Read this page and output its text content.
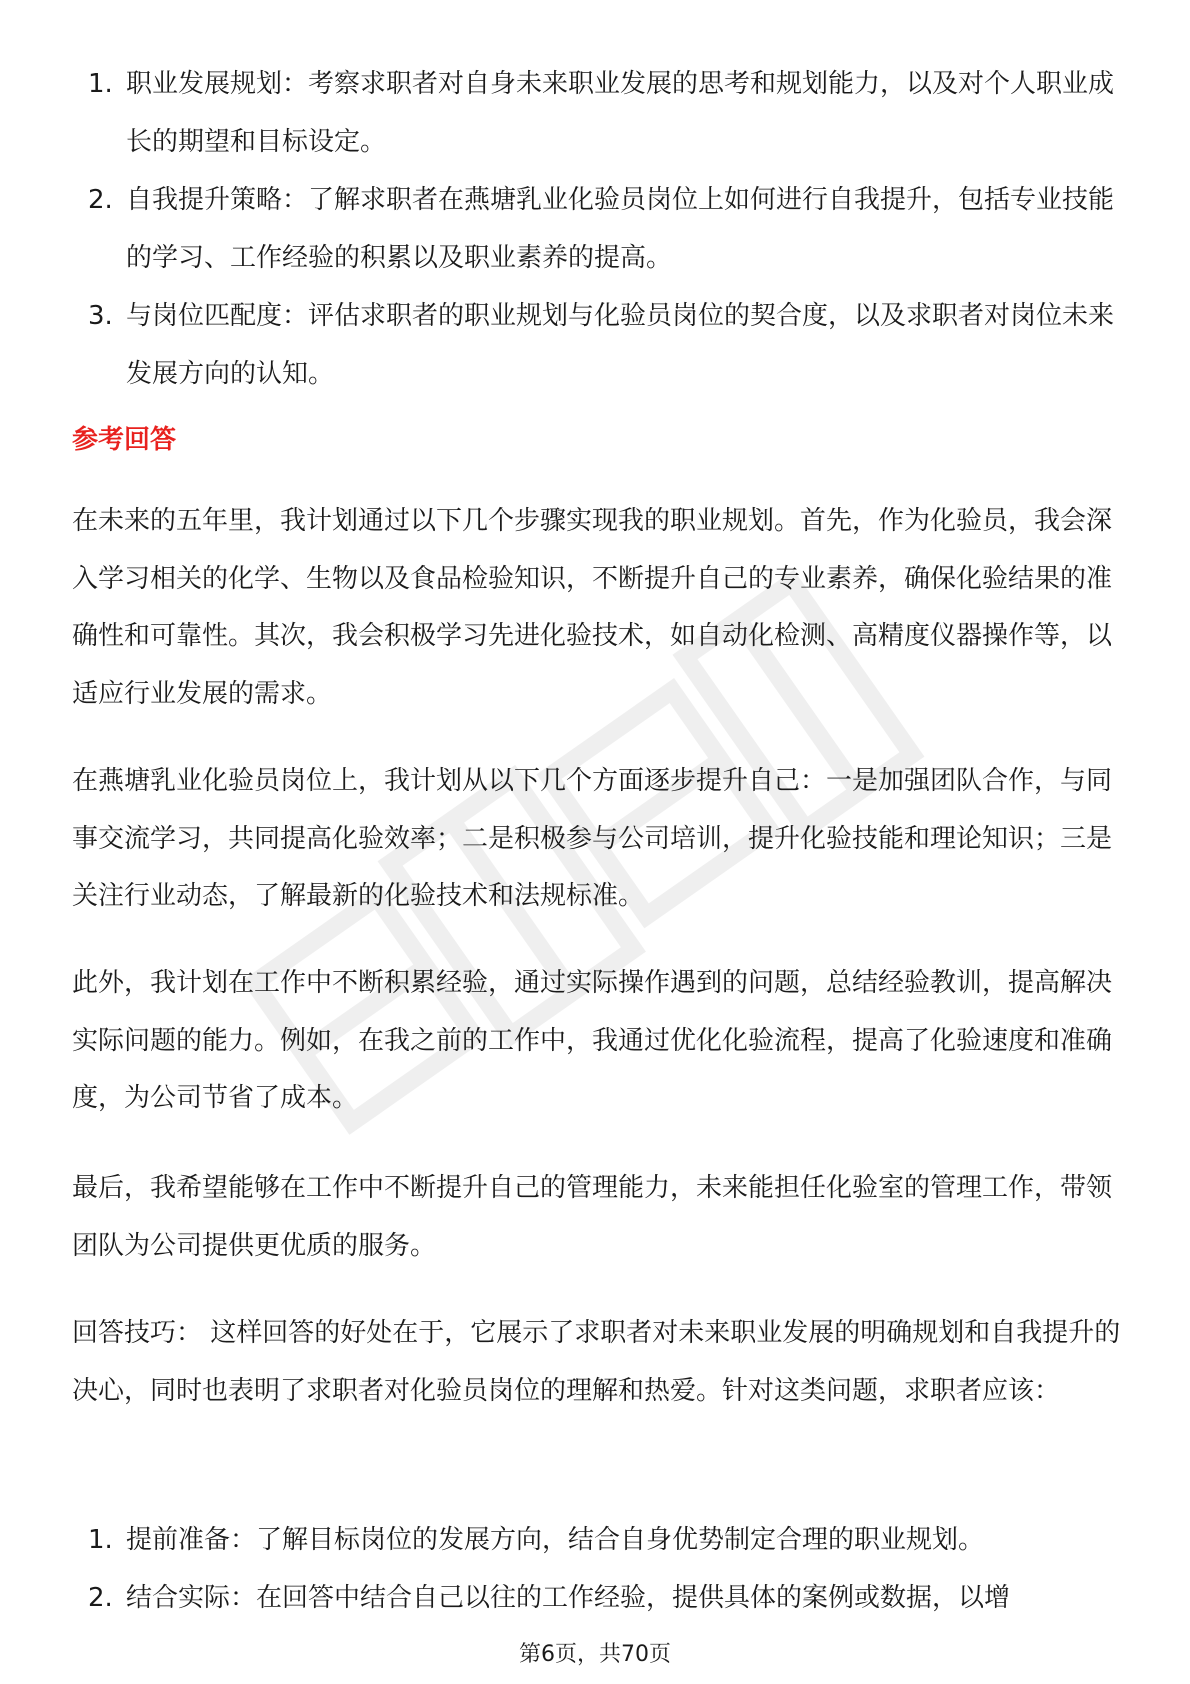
1. 职业发展规划：考察求职者对自身未来职业发展的思考和规划能力，以及对个人职业成长的期望和目标设定。
2. 自我提升策略：了解求职者在燕塘乳业化验员岗位上如何进行自我提升，包括专业技能的学习、工作经验的积累以及职业素养的提高。
3. 与岗位匹配度：评估求职者的职业规划与化验员岗位的契合度，以及求职者对岗位未来发展方向的认知。
参考回答

在未来的五年里，我计划通过以下几个步骤实现我的职业规划。首先，作为化验员，我会深入学习相关的化学、生物以及食品检验知识，不断提升自己的专业素养，确保化验结果的准确性和可靠性。其次，我会积极学习先进化验技术，如自动化检测、高精度仪器操作等，以适应行业发展的需求。

在燕塘乳业化验员岗位上，我计划从以下几个方面逐步提升自己：一是加强团队合作，与同事交流学习，共同提高化验效率；二是积极参与公司培训，提升化验技能和理论知识；三是关注行业动态，了解最新的化验技术和法规标准。

此外，我计划在工作中不断积累经验，通过实际操作遇到的问题，总结经验教训，提高解决实际问题的能力。例如，在我之前的工作中，我通过优化化验流程，提高了化验速度和准确度，为公司节省了成本。

最后，我希望能够在工作中不断提升自己的管理能力，未来能担任化验室的管理工作，带领团队为公司提供更优质的服务。

回答技巧： 这样回答的好处在于，它展示了求职者对未来职业发展的明确规划和自我提升的决心，同时也表明了求职者对化验员岗位的理解和热爱。针对这类问题，求职者应该：

1. 提前准备：了解目标岗位的发展方向，结合自身优势制定合理的职业规划。
2. 结合实际：在回答中结合自己以往的工作经验，提供具体的案例或数据，以增
第6页，共70页
